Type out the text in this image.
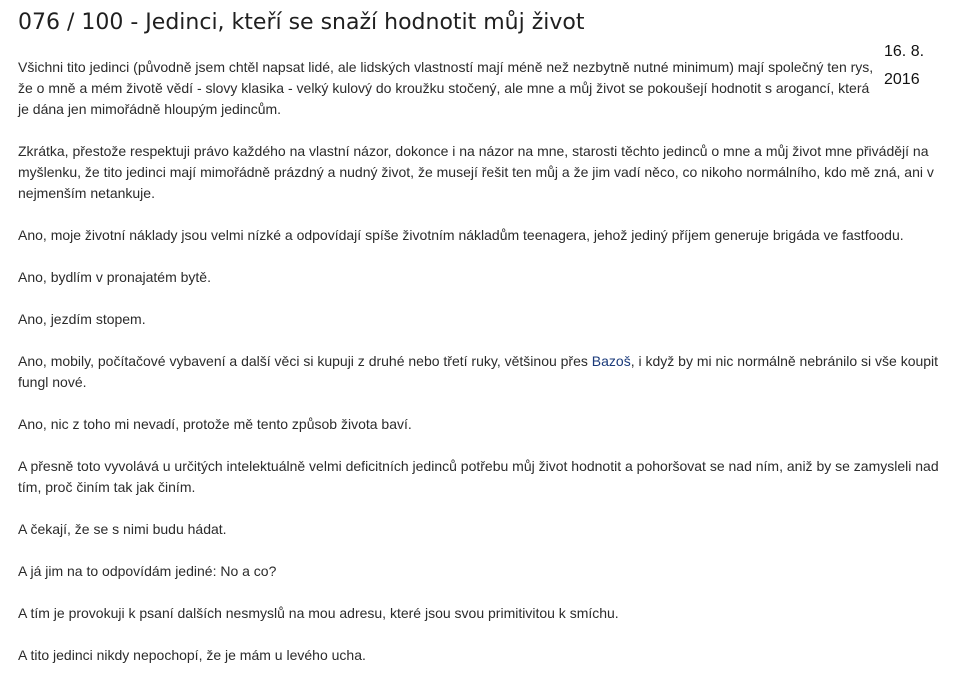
076 / 100 - Jedinci, kteří se snaží hodnotit můj život
16. 8.
2016

Všichni tito jedinci (původně jsem chtěl napsat lidé, ale lidských vlastností mají méně než nezbytně nutné minimum) mají společný ten rys, že o mně a mém životě vědí - slovy klasika - velký kulový do kroužku stočený, ale mne a můj život se pokoušejí hodnotit s arogancí, která je dána jen mimořádně hloupým jedincům.

Zkrátka, přestože respektuji právo každého na vlastní názor, dokonce i na názor na mne, starosti těchto jedinců o mne a můj život mne přivádějí na myšlenku, že tito jedinci mají mimořádně prázdný a nudný život, že musejí řešit ten můj a že jim vadí něco, co nikoho normálního, kdo mě zná, ani v nejmenším netankuje.

Ano, moje životní náklady jsou velmi nízké a odpovídají spíše životním nákladům teenagera, jehož jediný příjem generuje brigáda ve fastfoodu.

Ano, bydlím v pronajatém bytě.

Ano, jezdím stopem.

Ano, mobily, počítačové vybavení a další věci si kupuji z druhé nebo třetí ruky, většinou přes Bazoš, i když by mi nic normálně nebránilo si vše koupit fungl nové.

Ano, nic z toho mi nevadí, protože mě tento způsob života baví.

A přesně toto vyvolává u určitých intelektuálně velmi deficitních jedinců potřebu můj život hodnotit a pohoršovat se nad ním, aniž by se zamysleli nad tím, proč činím tak jak činím.

A čekají, že se s nimi budu hádat.

A já jim na to odpovídám jediné: No a co?

A tím je provokuji k psaní dalších nesmyslů na mou adresu, které jsou svou primitivitou k smíchu.

A tito jedinci nikdy nepochopí, že je mám u levého ucha.
